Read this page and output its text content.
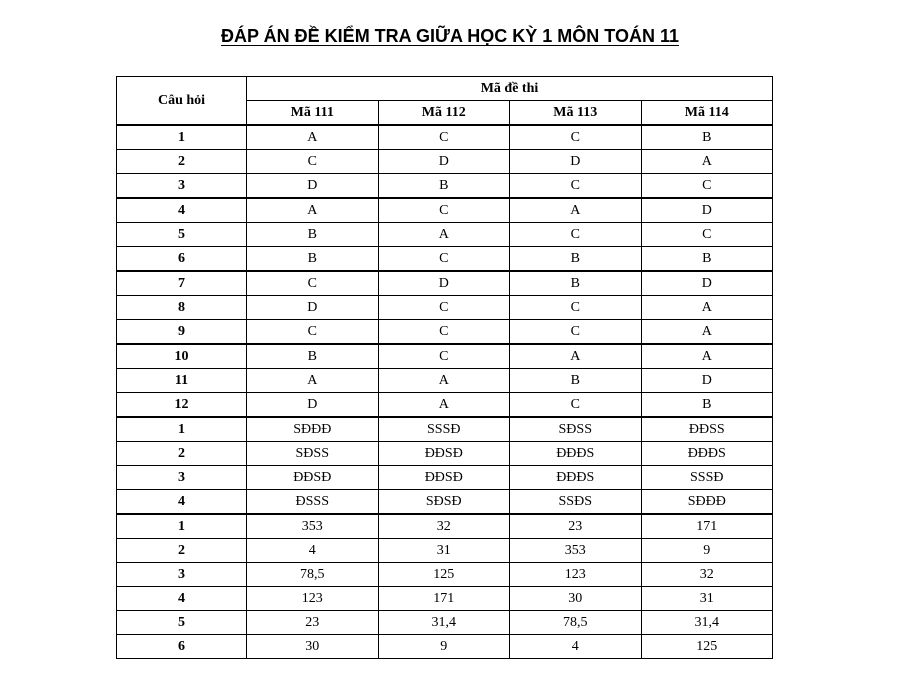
ĐÁP ÁN ĐỀ KIỂM TRA GIỮA HỌC KỲ 1 MÔN TOÁN 11
Câu hỏi	Mã đề thi			
	Mã 111	Mã 112	Mã 113	Mã 114
1	A	C	C	B
2	C	D	D	A
3	D	B	C	C
4	A	C	A	D
5	B	A	C	C
6	B	C	B	B
7	C	D	B	D
8	D	C	C	A
9	C	C	C	A
10	B	C	A	A
11	A	A	B	D
12	D	A	C	B
1	SĐĐĐ	SSSĐ	SĐSS	ĐĐSS
2	SĐSS	ĐĐSĐ	ĐĐĐS	ĐĐĐS
3	ĐĐSĐ	ĐĐSĐ	ĐĐĐS	SSSĐ
4	ĐSSS	SĐSĐ	SSĐS	SĐĐĐ
1	353	32	23	171
2	4	31	353	9
3	78,5	125	123	32
4	123	171	30	31
5	23	31,4	78,5	31,4
6	30	9	4	125
